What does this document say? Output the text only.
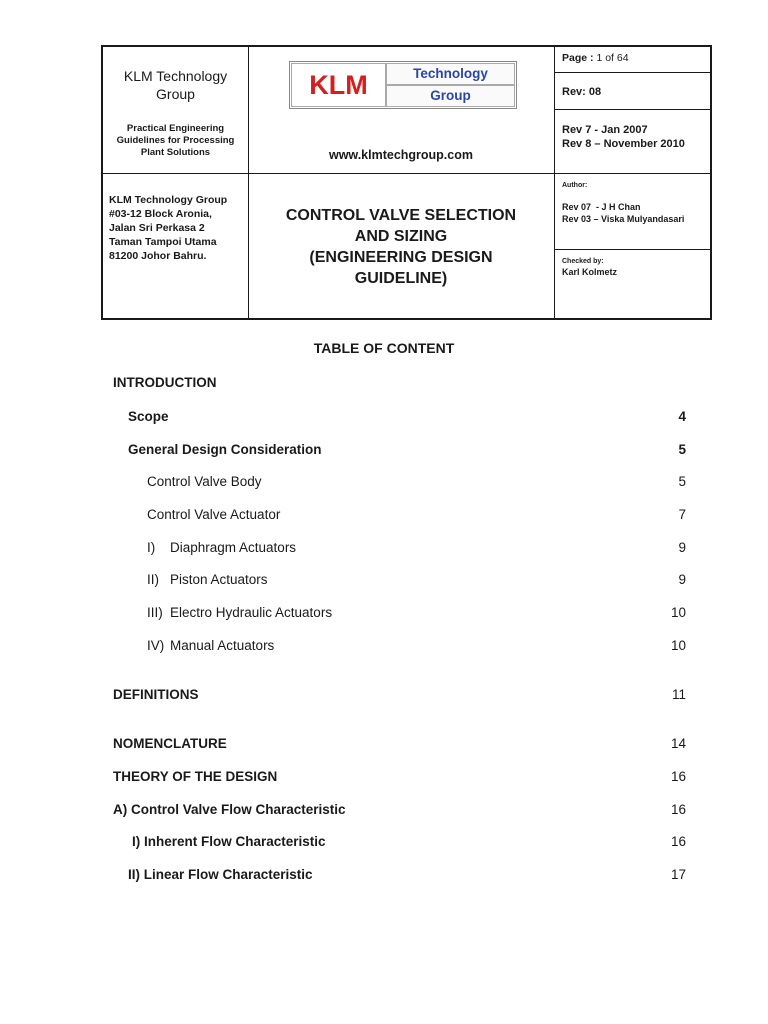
KLM Technology
Group
Practical Engineering
Guidelines for Processing
Plant Solutions
KLM	Technology
Group
www.klmtechgroup.com
Page : 1 of 64
Rev: 08
Rev 7 - Jan 2007
Rev 8 – November 2010
KLM Technology Group
#03-12 Block Aronia,
Jalan Sri Perkasa 2
Taman Tampoi Utama
81200 Johor Bahru.
CONTROL VALVE SELECTION
AND SIZING
(ENGINEERING DESIGN
GUIDELINE)
Author:
Rev 07  - J H Chan
Rev 03 – Viska Mulyandasari
Checked by:
Karl Kolmetz
TABLE OF CONTENT
INTRODUCTION
Scope	4
General Design Consideration	5
Control Valve Body	5
Control Valve Actuator	7
I) Diaphragm Actuators	9
II) Piston Actuators	9
III) Electro Hydraulic Actuators	10
IV) Manual Actuators	10
DEFINITIONS	11
NOMENCLATURE	14
THEORY OF THE DESIGN	16
A) Control Valve Flow Characteristic	16
I) Inherent Flow Characteristic	16
II) Linear Flow Characteristic	17
